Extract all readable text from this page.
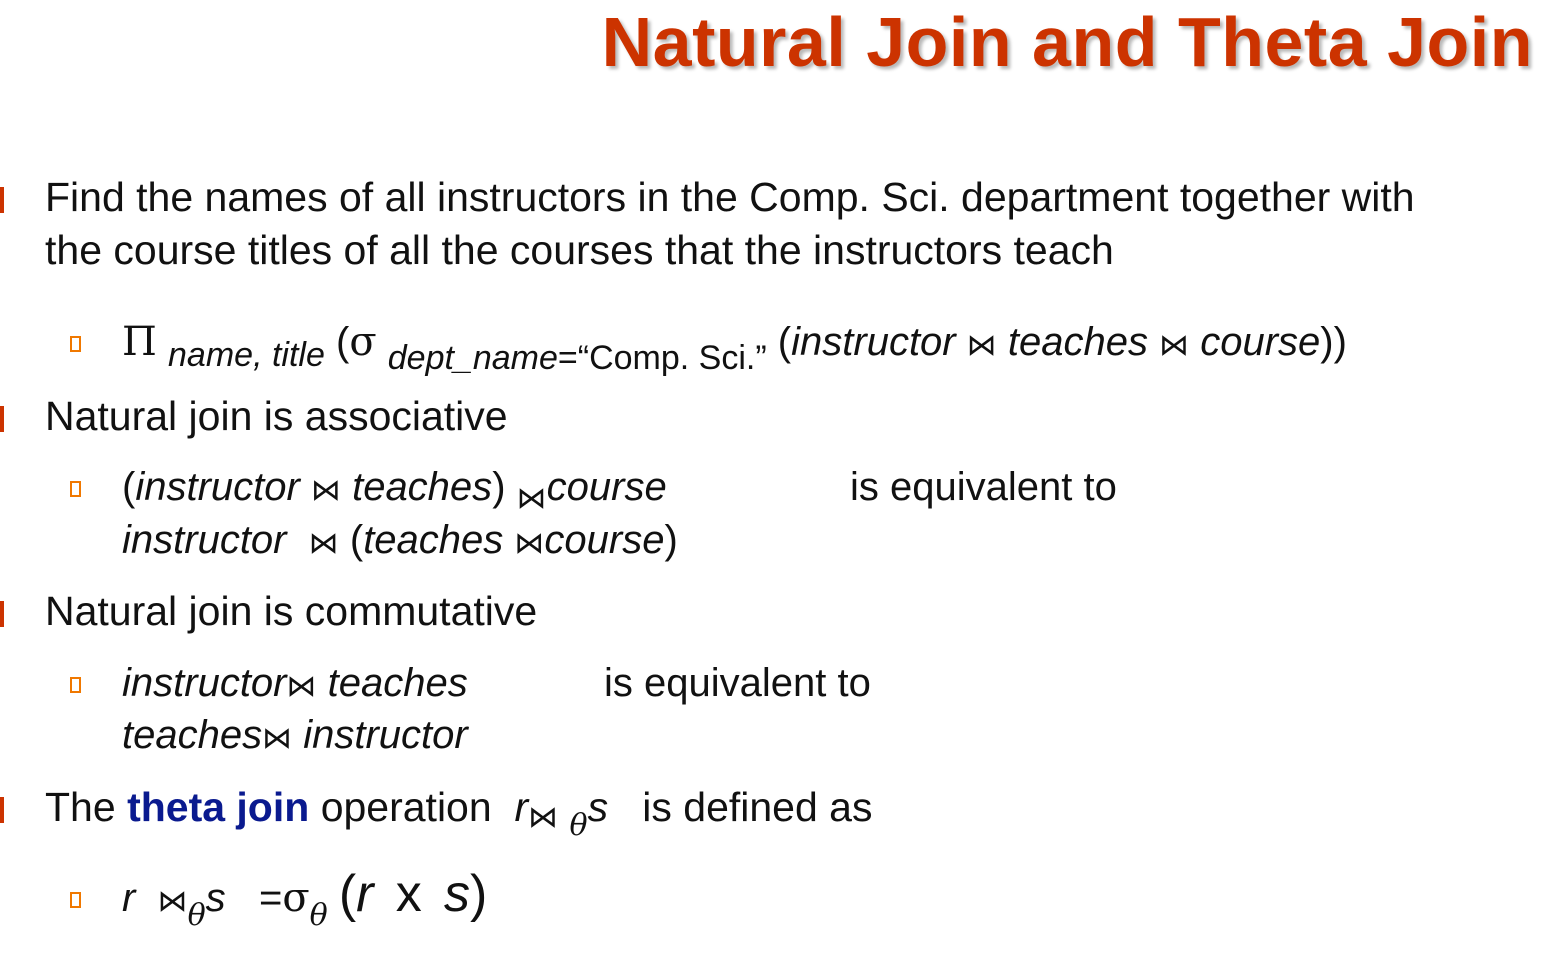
Natural Join and Theta Join
Find the names of all instructors in the Comp. Sci. department together with
the course titles of all the courses that the instructors teach
Π $_{name, title}$ (σ $_{dept\_name=“Comp. Sci.”}$ (instructor ⋈ teaches ⋈ course))
Natural join is associative
(instructor ⋈ teaches) $_⋈$course	is equivalent to
instructor ⋈ (teaches ⋈course)
Natural join is commutative
instructor⋈ teaches	is equivalent to
teaches⋈ instructor
The theta join operation r⋈ $_\theta$s is defined as
r $⋈_\theta s =\sigma_\theta$ (r x s)
